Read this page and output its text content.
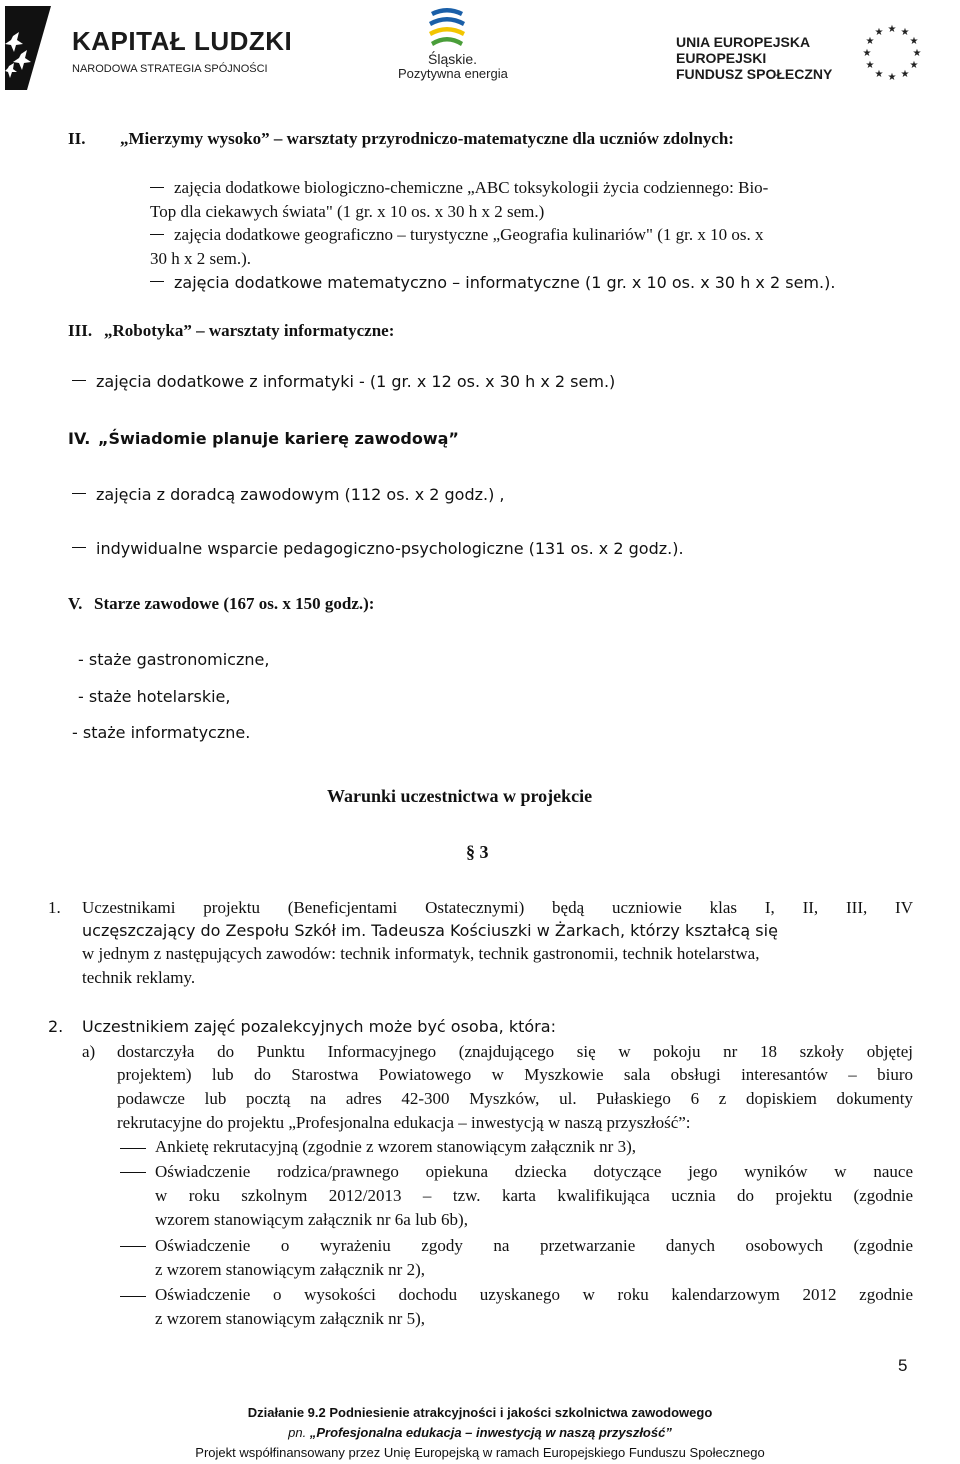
KAPITAŁ LUDZKI
NARODOWA STRATEGIA SPÓJNOŚCI
Śląskie.
Pozytywna energia
UNIA EUROPEJSKA
EUROPEJSKI
FUNDUSZ SPOŁECZNY
★ ★
★
★
★
★
★
★
★
★
★
★
II. „Mierzymy wysoko” – warsztaty przyrodniczo-matematyczne dla uczniów zdolnych:
zajęcia dodatkowe biologiczno-chemiczne „ABC toksykologii życia codziennego: Bio-
Top dla ciekawych świata" (1 gr. x 10 os. x 30 h x 2 sem.)
zajęcia dodatkowe geograficzno – turystyczne „Geografia kulinariów" (1 gr. x 10 os. x
30 h x 2 sem.).
zajęcia dodatkowe matematyczno – informatyczne (1 gr. x 10 os. x 30 h x 2 sem.).
III. „Robotyka” – warsztaty informatyczne:
zajęcia dodatkowe z informatyki - (1 gr. x 12 os. x 30 h x 2 sem.)
IV. „Świadomie planuje karierę zawodową”
zajęcia z doradcą zawodowym (112 os. x 2 godz.) ,
indywidualne wsparcie pedagogiczno-psychologiczne (131 os. x 2 godz.).
V. Starze zawodowe (167 os. x 150 godz.):
- staże gastronomiczne,
- staże hotelarskie,
- staże informatyczne.
Warunki uczestnictwa w projekcie
§ 3
1. Uczestnikami projektu (Beneficjentami Ostatecznymi) będą uczniowie klas I, II, III, IV
uczęszczający do Zespołu Szkół im. Tadeusza Kościuszki w Żarkach, którzy kształcą się
w jednym z następujących zawodów: technik informatyk, technik gastronomii, technik hotelarstwa,
technik reklamy.
2. Uczestnikiem zajęć pozalekcyjnych może być osoba, która:
a) dostarczyła do Punktu Informacyjnego (znajdującego się w pokoju nr 18 szkoły objętej
projektem) lub do Starostwa Powiatowego w Myszkowie sala obsługi interesantów – biuro
podawcze lub pocztą na adres 42-300 Myszków, ul. Pułaskiego 6 z dopiskiem dokumenty
rekrutacyjne do projektu „Profesjonalna edukacja – inwestycją w naszą przyszłość”:
Ankietę rekrutacyjną (zgodnie z wzorem stanowiącym załącznik nr 3),
Oświadczenie rodzica/prawnego opiekuna dziecka dotyczące jego wyników w nauce
w roku szkolnym 2012/2013 – tzw. karta kwalifikująca ucznia do projektu (zgodnie
wzorem stanowiącym załącznik nr 6a lub 6b),
Oświadczenie o wyrażeniu zgody na przetwarzanie danych osobowych (zgodnie
z wzorem stanowiącym załącznik nr 2),
Oświadczenie o wysokości dochodu uzyskanego w roku kalendarzowym 2012 zgodnie
z wzorem stanowiącym załącznik nr 5),
5
Działanie 9.2 Podniesienie atrakcyjności i jakości szkolnictwa zawodowego
pn. „Profesjonalna edukacja – inwestycją w naszą przyszłość”
Projekt współfinansowany przez Unię Europejską w ramach Europejskiego Funduszu Społecznego
